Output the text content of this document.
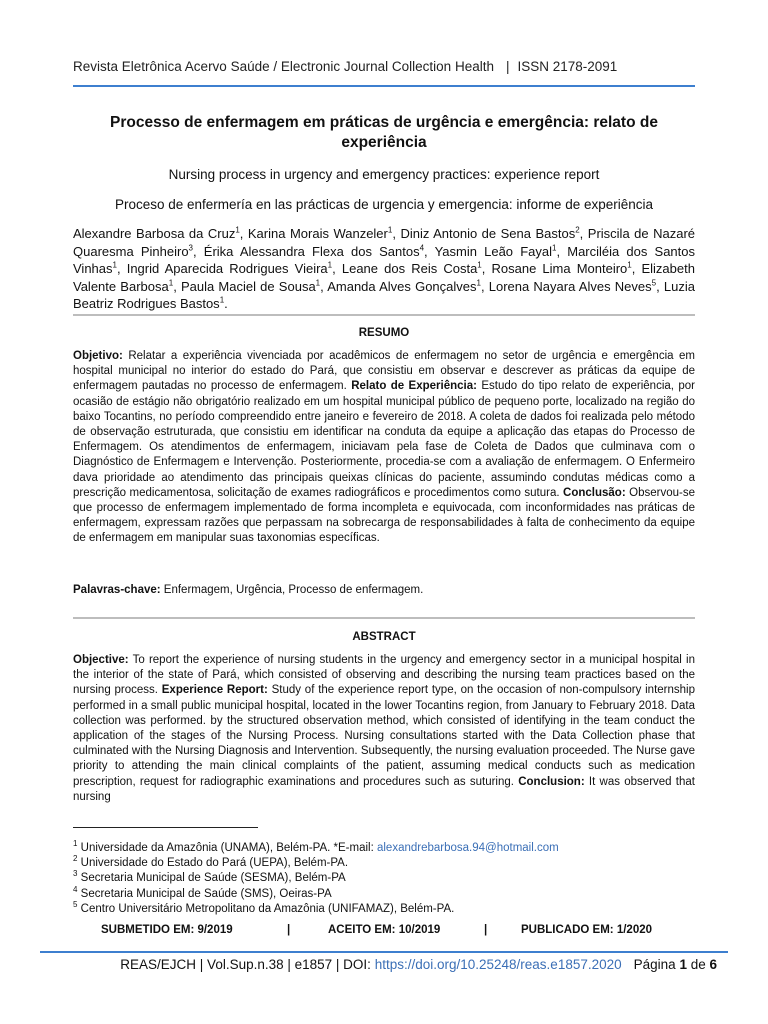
Revista Eletrônica Acervo Saúde / Electronic Journal Collection Health | ISSN 2178-2091
Processo de enfermagem em práticas de urgência e emergência: relato de experiência
Nursing process in urgency and emergency practices: experience report
Proceso de enfermería en las prácticas de urgencia y emergencia: informe de experiência
Alexandre Barbosa da Cruz$^1$, Karina Morais Wanzeler$^1$, Diniz Antonio de Sena Bastos$^2$, Priscila de Nazaré Quaresma Pinheiro$^3$, Érika Alessandra Flexa dos Santos$^4$, Yasmin Leão Fayal$^1$, Marciléia dos Santos Vinhas$^1$, Ingrid Aparecida Rodrigues Vieira$^1$, Leane dos Reis Costa$^1$, Rosane Lima Monteiro$^1$, Elizabeth Valente Barbosa$^1$, Paula Maciel de Sousa$^1$, Amanda Alves Gonçalves$^1$, Lorena Nayara Alves Neves$^5$, Luzia Beatriz Rodrigues Bastos$^1$.
RESUMO
Objetivo: Relatar a experiência vivenciada por acadêmicos de enfermagem no setor de urgência e emergência em hospital municipal no interior do estado do Pará, que consistiu em observar e descrever as práticas da equipe de enfermagem pautadas no processo de enfermagem. Relato de Experiência: Estudo do tipo relato de experiência, por ocasião de estágio não obrigatório realizado em um hospital municipal público de pequeno porte, localizado na região do baixo Tocantins, no período compreendido entre janeiro e fevereiro de 2018. A coleta de dados foi realizada pelo método de observação estruturada, que consistiu em identificar na conduta da equipe a aplicação das etapas do Processo de Enfermagem. Os atendimentos de enfermagem, iniciavam pela fase de Coleta de Dados que culminava com o Diagnóstico de Enfermagem e Intervenção. Posteriormente, procedia-se com a avaliação de enfermagem. O Enfermeiro dava prioridade ao atendimento das principais queixas clínicas do paciente, assumindo condutas médicas como a prescrição medicamentosa, solicitação de exames radiográficos e procedimentos como sutura. Conclusão: Observou-se que processo de enfermagem implementado de forma incompleta e equivocada, com inconformidades nas práticas de enfermagem, expressam razões que perpassam na sobrecarga de responsabilidades à falta de conhecimento da equipe de enfermagem em manipular suas taxonomias específicas.
Palavras-chave: Enfermagem, Urgência, Processo de enfermagem.
ABSTRACT
Objective: To report the experience of nursing students in the urgency and emergency sector in a municipal hospital in the interior of the state of Pará, which consisted of observing and describing the nursing team practices based on the nursing process. Experience Report: Study of the experience report type, on the occasion of non-compulsory internship performed in a small public municipal hospital, located in the lower Tocantins region, from January to February 2018. Data collection was performed. by the structured observation method, which consisted of identifying in the team conduct the application of the stages of the Nursing Process. Nursing consultations started with the Data Collection phase that culminated with the Nursing Diagnosis and Intervention. Subsequently, the nursing evaluation proceeded. The Nurse gave priority to attending the main clinical complaints of the patient, assuming medical conducts such as medication prescription, request for radiographic examinations and procedures such as suturing. Conclusion: It was observed that nursing
$^1$ Universidade da Amazônia (UNAMA), Belém-PA. *E-mail: alexandrebarbosa.94@hotmail.com
$^2$ Universidade do Estado do Pará (UEPA), Belém-PA.
$^3$ Secretaria Municipal de Saúde (SESMA), Belém-PA
$^4$ Secretaria Municipal de Saúde (SMS), Oeiras-PA
$^5$ Centro Universitário Metropolitano da Amazônia (UNIFAMAZ), Belém-PA.
SUBMETIDO EM: 9/2019	|	ACEITO EM: 10/2019	|	PUBLICADO EM: 1/2020
REAS/EJCH | Vol.Sup.n.38 | e1857 | DOI: https://doi.org/10.25248/reas.e1857.2020 Página 1 de 6
